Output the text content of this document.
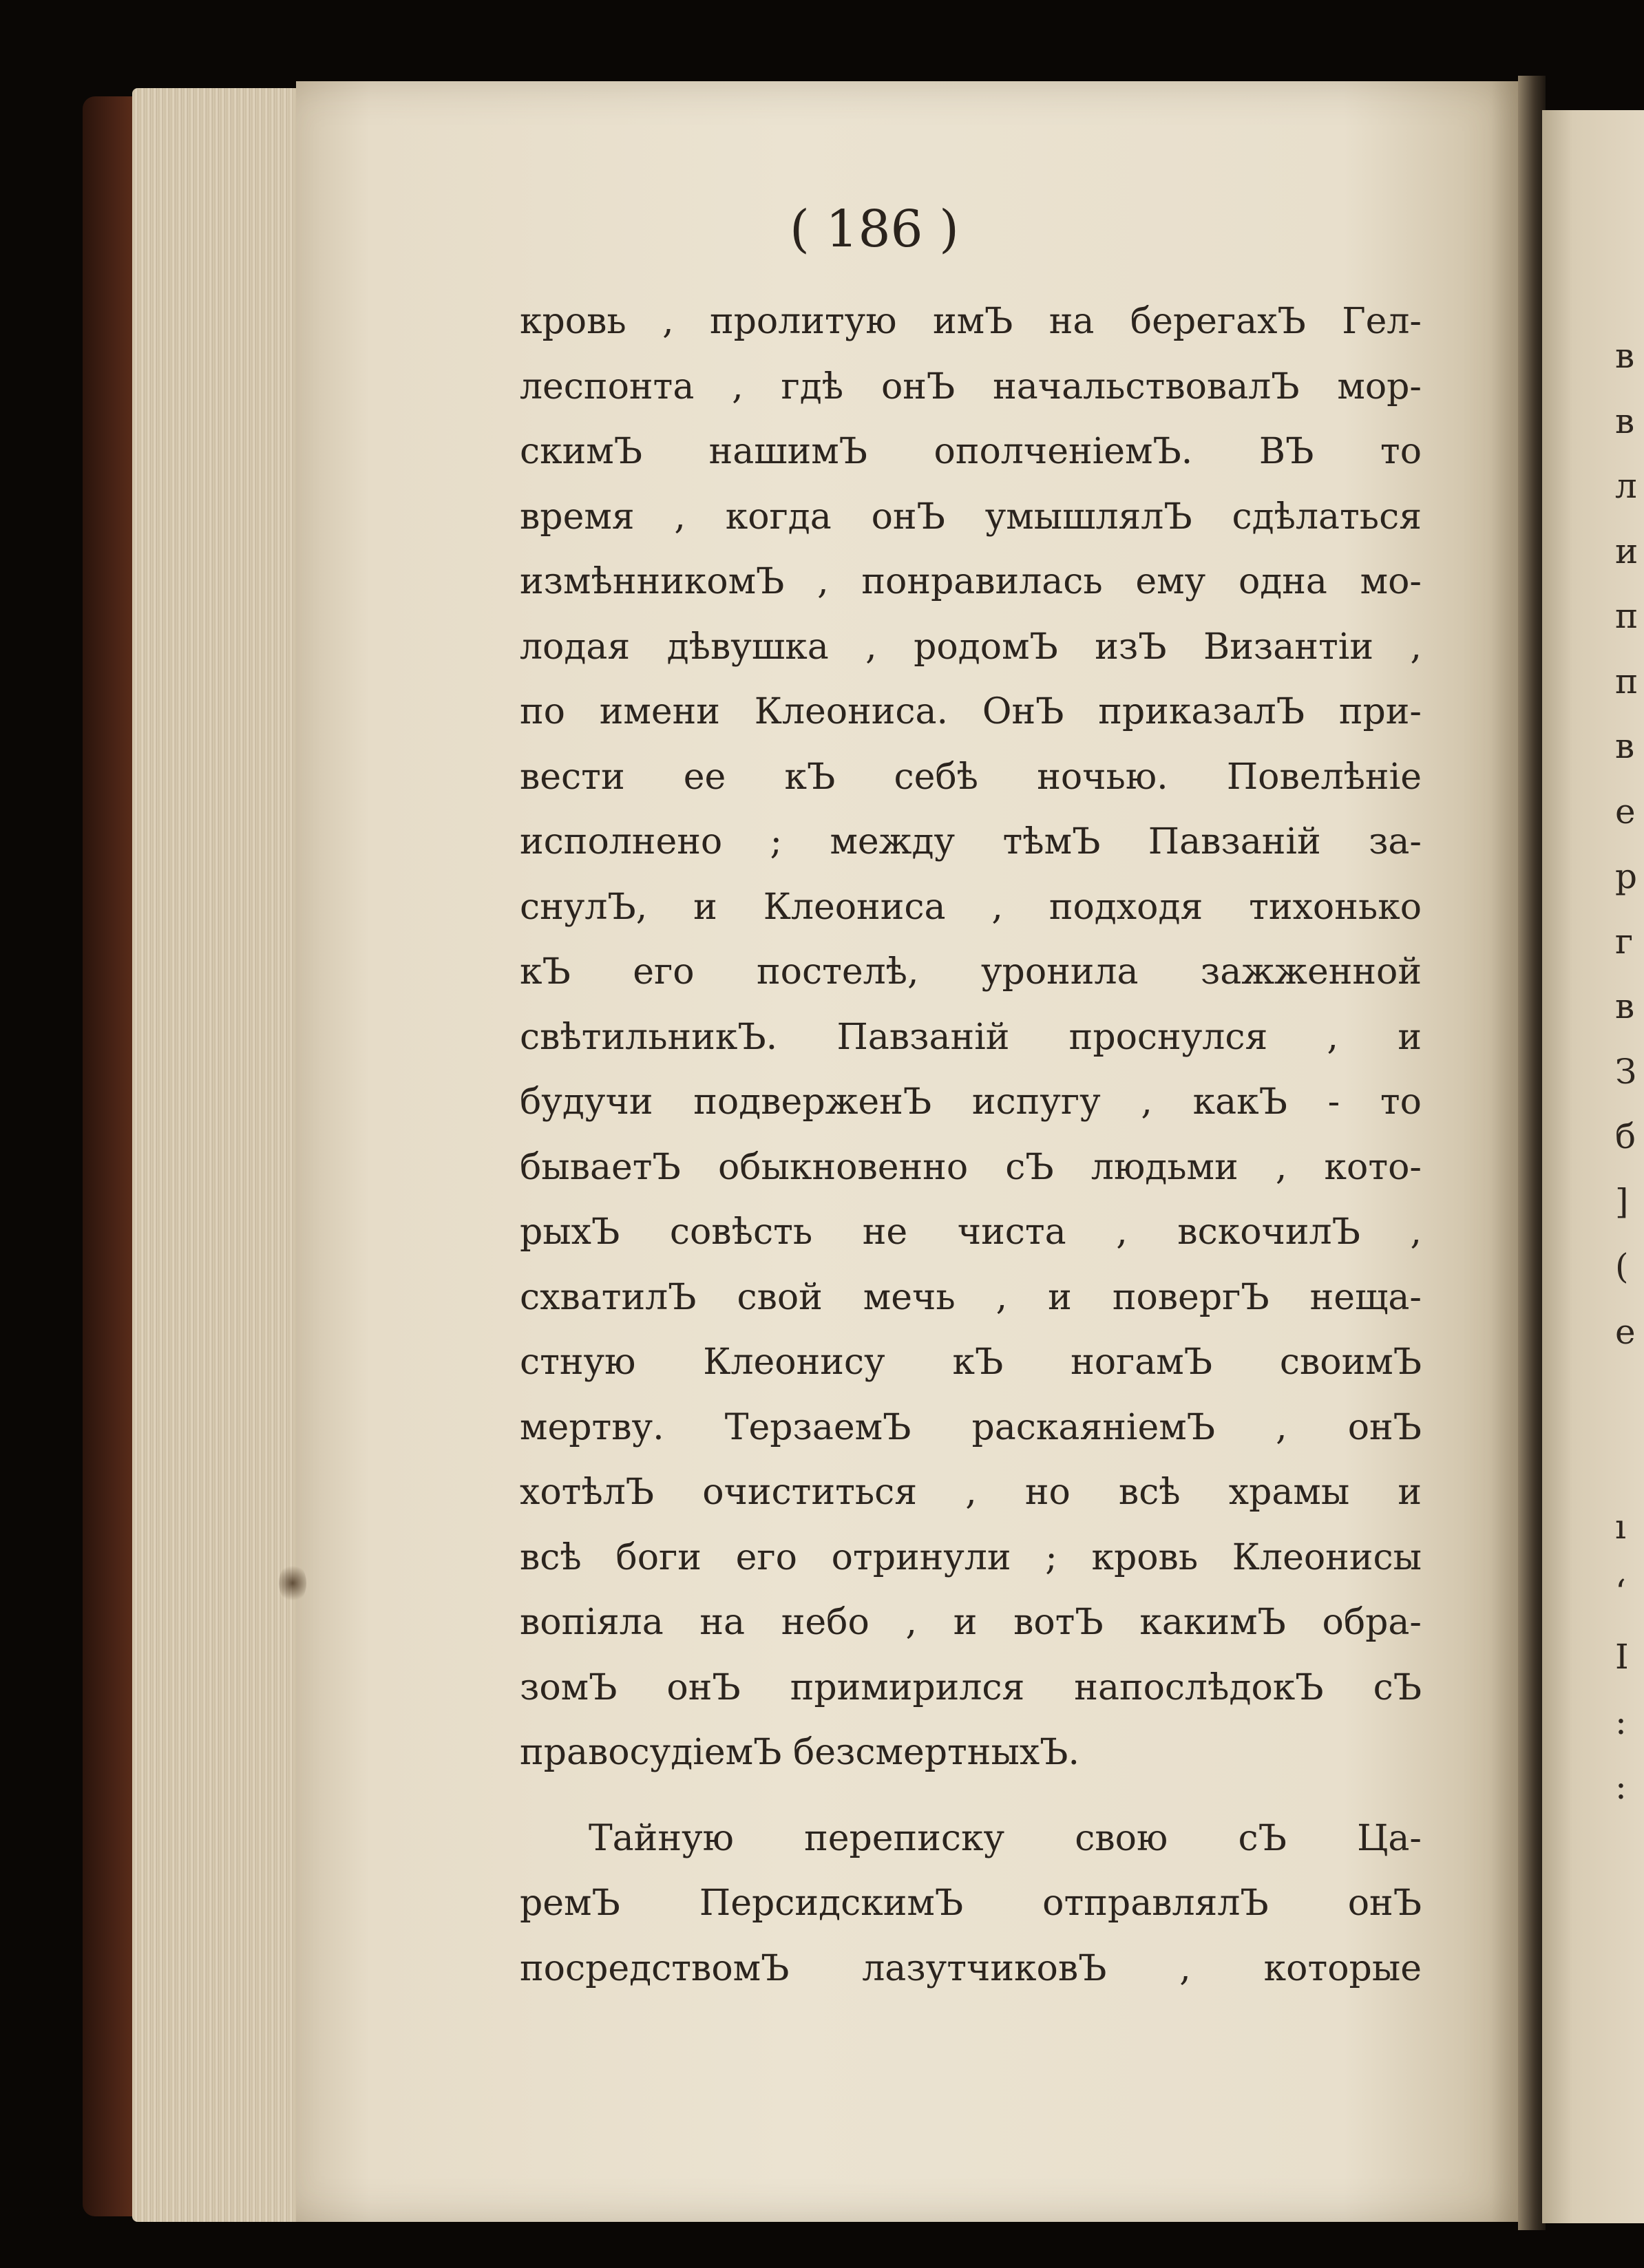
( 186 )
кровь , пролитую имЪ на берегахЪ Гел-
леспонта , гдѣ онЪ начальствовалЪ мор-
скимЪ нашимЪ ополченіемЪ. ВЪ то
время , когда онЪ умышлялЪ сдѣлаться
измѣнникомЪ , понравилась ему одна мо-
лодая дѣвушка , родомЪ изЪ Византіи ,
по имени Клеониса. ОнЪ приказалЪ при-
вести ее кЪ себѣ ночью. Повелѣніе
исполнено ; между тѣмЪ Павзаній за-
снулЪ, и Клеониса , подходя тихонько
кЪ его постелѣ, уронила зажженной
свѣтильникЪ. Павзаній проснулся , и
будучи подверженЪ испугу , какЪ - то
бываетЪ обыкновенно сЪ людьми , кото-
рыхЪ совѣсть не чиста , вскочилЪ ,
схватилЪ свой мечь , и повергЪ неща-
стную Клеонису кЪ ногамЪ своимЪ
мертву. ТерзаемЪ раскаяніемЪ , онЪ
хотѣлЪ очиститься , но всѣ храмы и
всѣ боги его отринули ; кровь Клеонисы
вопіяла на небо , и вотЪ какимЪ обра-
зомЪ онЪ примирился напослѣдокЪ сЪ
правосудіемЪ безсмертныхЪ.
Тайную переписку свою сЪ Ца-
ремЪ ПерсидскимЪ отправлялЪ онЪ
посредствомЪ лазутчиковЪ , которые
в
в
л
и
п
п
в
е
р
г
в
З
б
]
(
е
ı
ʻ
I
:
:
